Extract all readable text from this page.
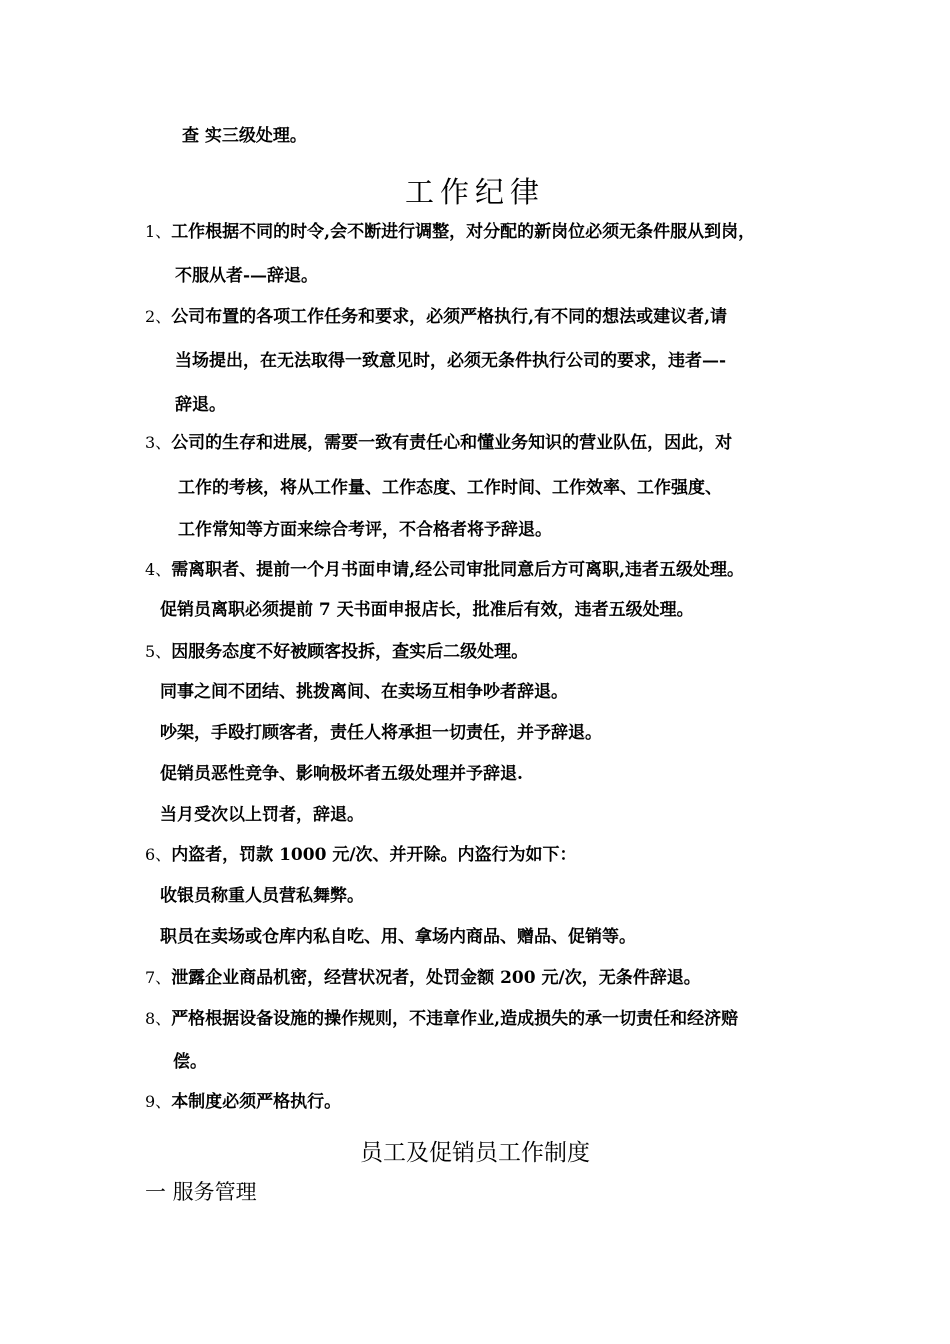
查 实三级处理。
工作纪律
1、工作根据不同的时令,会不断进行调整，对分配的新岗位必须无条件服从到岗，
不服从者-—辞退。
2、公司布置的各项工作任务和要求，必须严格执行,有不同的想法或建议者,请
当场提出，在无法取得一致意见时，必须无条件执行公司的要求，违者—-
辞退。
3、公司的生存和进展，需要一致有责任心和懂业务知识的营业队伍，因此，对
工作的考核，将从工作量、工作态度、工作时间、工作效率、工作强度、
工作常知等方面来综合考评，不合格者将予辞退。
4、需离职者、提前一个月书面申请,经公司审批同意后方可离职,违者五级处理。
促销员离职必须提前 7 天书面申报店长，批准后有效，违者五级处理。
5、因服务态度不好被顾客投拆，查实后二级处理。
同事之间不团结、挑拨离间、在卖场互相争吵者辞退。
吵架，手殴打顾客者，责任人将承担一切责任，并予辞退。
促销员恶性竞争、影响极坏者五级处理并予辞退.
当月受次以上罚者，辞退。
6、内盗者，罚款 1000 元/次、并开除。内盗行为如下：
收银员称重人员营私舞弊。
职员在卖场或仓库内私自吃、用、拿场内商品、赠品、促销等。
7、泄露企业商品机密，经营状况者，处罚金额 200 元/次，无条件辞退。
8、严格根据设备设施的操作规则，不违章作业,造成损失的承一切责任和经济赔
偿。
9、本制度必须严格执行。
员工及促销员工作制度
一 服务管理
